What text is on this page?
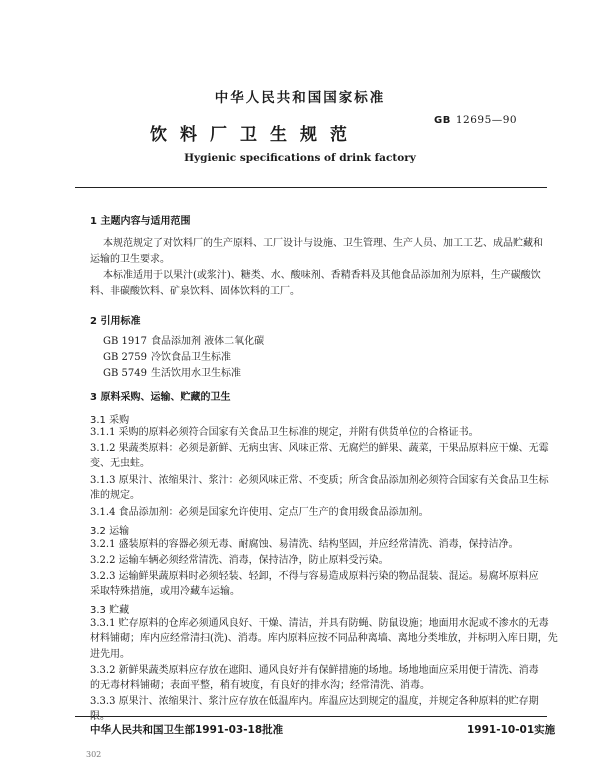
中华人民共和国国家标准
GB 12695—90
饮料厂卫生规范
Hygienic specifications of drink factory
1 主题内容与适用范围
本规范规定了对饮料厂的生产原料、工厂设计与设施、卫生管理、生产人员、加工工艺、成品贮藏和
运输的卫生要求。
本标准适用于以果汁(或浆汁)、糖类、水、酸味剂、香精香料及其他食品添加剂为原料，生产碳酸饮
料、非碳酸饮料、矿泉饮料、固体饮料的工厂。
2 引用标准
GB 1917 食品添加剂 液体二氧化碳
GB 2759 冷饮食品卫生标准
GB 5749 生活饮用水卫生标准
3 原料采购、运输、贮藏的卫生
3.1 采购
3.1.1 采购的原料必须符合国家有关食品卫生标准的规定，并附有供货单位的合格证书。
3.1.2 果蔬类原料：必须是新鲜、无病虫害、风味正常、无腐烂的鲜果、蔬菜，干果品原料应干燥、无霉
变、无虫蛀。
3.1.3 原果汁、浓缩果汁、浆汁：必须风味正常、不变质；所含食品添加剂必须符合国家有关食品卫生标
准的规定。
3.1.4 食品添加剂：必须是国家允许使用、定点厂生产的食用级食品添加剂。
3.2 运输
3.2.1 盛装原料的容器必须无毒、耐腐蚀、易清洗、结构坚固，并应经常清洗、消毒，保持洁净。
3.2.2 运输车辆必须经常清洗、消毒，保持洁净，防止原料受污染。
3.2.3 运输鲜果蔬原料时必须轻装、轻卸，不得与容易造成原料污染的物品混装、混运。易腐坏原料应
采取特殊措施，或用冷藏车运输。
3.3 贮藏
3.3.1 贮存原料的仓库必须通风良好、干燥、清洁，并具有防蝇、防鼠设施；地面用水泥或不渗水的无毒
材料铺砌；库内应经常清扫(洗)、消毒。库内原料应按不同品种离墙、离地分类堆放，并标明入库日期，先
进先用。
3.3.2 新鲜果蔬类原料应存放在遮阳、通风良好并有保鲜措施的场地。场地地面应采用便于清洗、消毒
的无毒材料铺砌；表面平整，稍有坡度，有良好的排水沟；经常清洗、消毒。
3.3.3 原果汁、浓缩果汁、浆汁应存放在低温库内。库温应达到规定的温度，并规定各种原料的贮存期
中华人民共和国卫生部1991-03-18批准	1991-10-01实施
302
